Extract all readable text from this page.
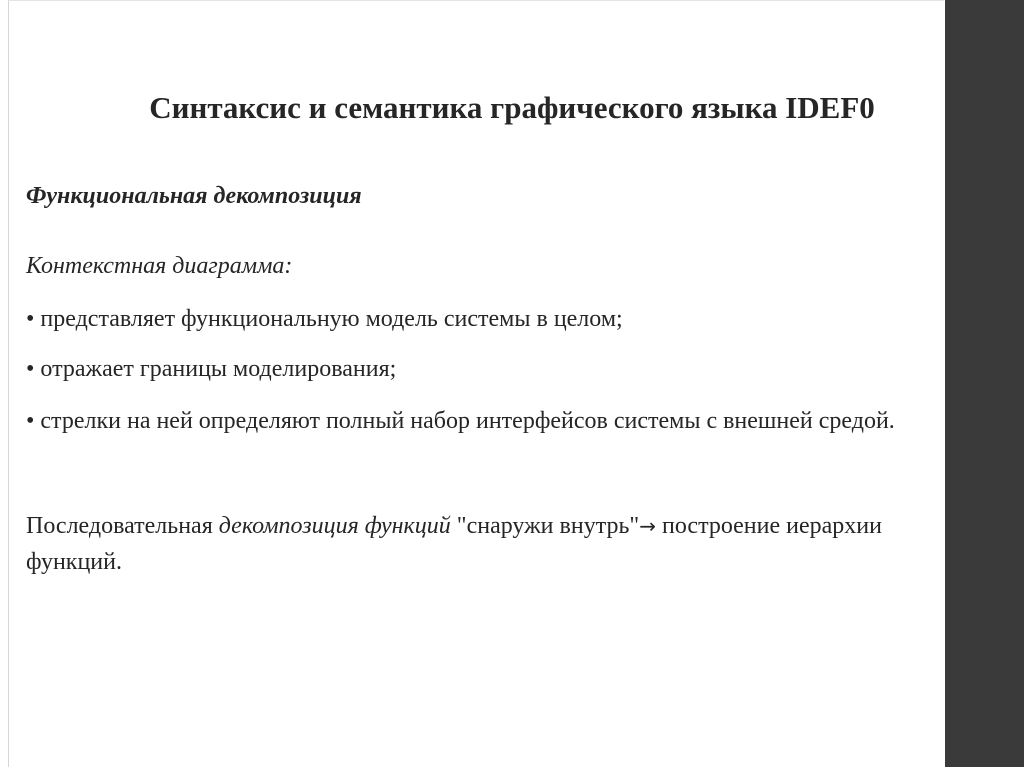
Синтаксис и семантика графического языка IDEF0
Функциональная декомпозиция
Контекстная диаграмма:
• представляет функциональную модель системы в целом;
• отражает границы моделирования;
• стрелки на ней определяют полный набор интерфейсов системы с внешней средой.
Последовательная декомпозиция функций "снаружи внутрь"→ построение иерархии функций.
